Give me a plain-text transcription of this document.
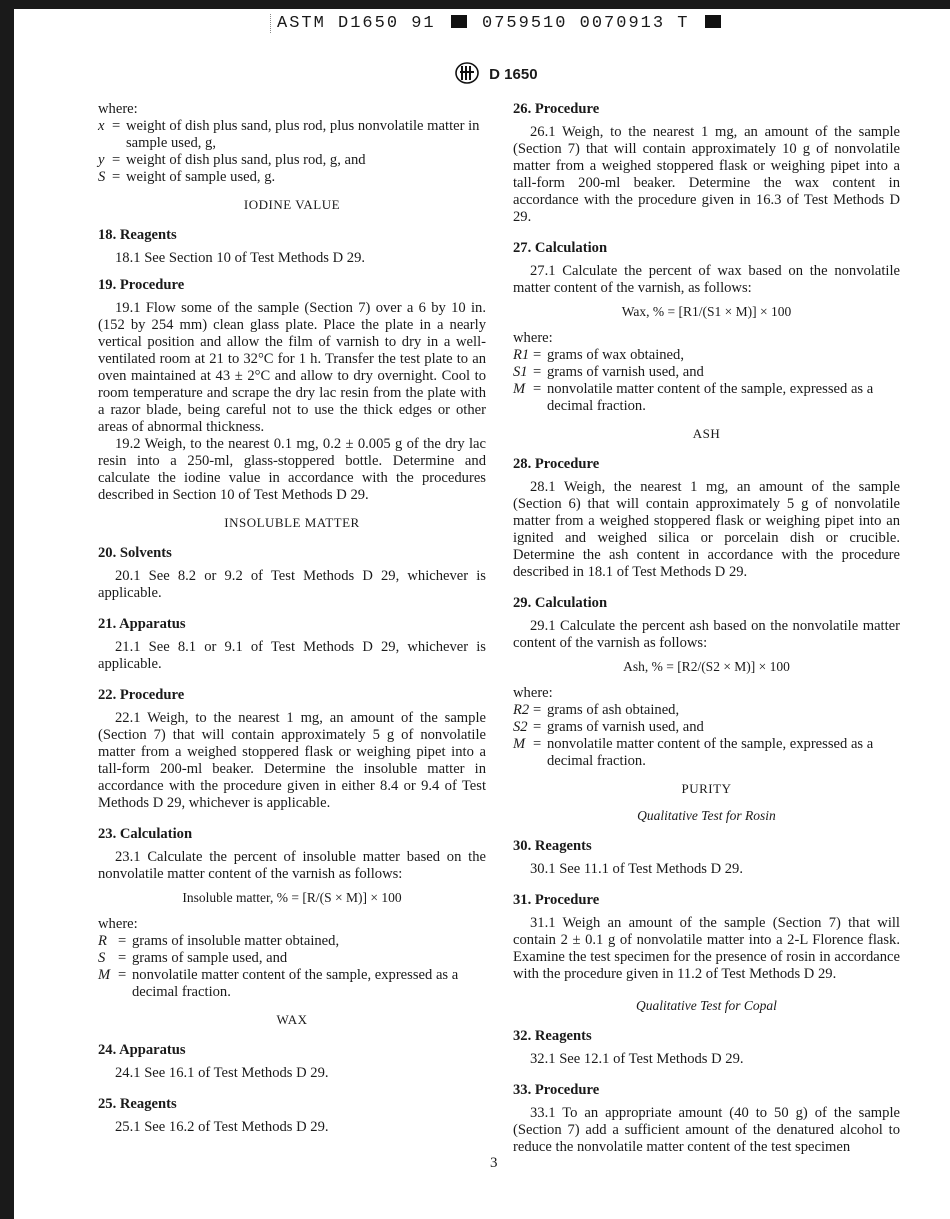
ASTM D1650 91	0759510 0070913 T
D 1650

where:

x = weight of dish plus sand, plus rod, plus nonvolatile matter in sample used, g,
y = weight of dish plus sand, plus rod, g, and
S = weight of sample used, g.

IODINE VALUE

18. Reagents

18.1 See Section 10 of Test Methods D 29.

19. Procedure

19.1 Flow some of the sample (Section 7) over a 6 by 10 in. (152 by 254 mm) clean glass plate. Place the plate in a nearly vertical position and allow the film of varnish to dry in a well-ventilated room at 21 to 32°C for 1 h. Transfer the test plate to an oven maintained at 43 ± 2°C and allow to dry overnight. Cool to room temperature and scrape the dry lac resin from the plate with a razor blade, being careful not to use the thick edges or other areas of abnormal thickness.

19.2 Weigh, to the nearest 0.1 mg, 0.2 ± 0.005 g of the dry lac resin into a 250-ml, glass-stoppered bottle. Determine and calculate the iodine value in accordance with the procedures described in Section 10 of Test Methods D 29.

INSOLUBLE MATTER

20. Solvents

20.1 See 8.2 or 9.2 of Test Methods D 29, whichever is applicable.

21. Apparatus

21.1 See 8.1 or 9.1 of Test Methods D 29, whichever is applicable.

22. Procedure

22.1 Weigh, to the nearest 1 mg, an amount of the sample (Section 7) that will contain approximately 5 g of nonvolatile matter from a weighed stoppered flask or weighing pipet into a tall-form 200-ml beaker. Determine the insoluble matter in accordance with the procedure given in either 8.4 or 9.4 of Test Methods D 29, whichever is applicable.

23. Calculation

23.1 Calculate the percent of insoluble matter based on the nonvolatile matter content of the varnish as follows:

Insoluble matter, % = [R/(S × M)] × 100

where:

R = grams of insoluble matter obtained,
S = grams of sample used, and
M = nonvolatile matter content of the sample, expressed as a decimal fraction.

WAX

24. Apparatus

24.1 See 16.1 of Test Methods D 29.

25. Reagents

25.1 See 16.2 of Test Methods D 29.

26. Procedure

26.1 Weigh, to the nearest 1 mg, an amount of the sample (Section 7) that will contain approximately 10 g of nonvolatile matter from a weighed stoppered flask or weighing pipet into a tall-form 200-ml beaker. Determine the wax content in accordance with the procedure given in 16.3 of Test Methods D 29.

27. Calculation

27.1 Calculate the percent of wax based on the nonvolatile matter content of the varnish, as follows:

Wax, % = [R1/(S1 × M)] × 100

where:

R1 = grams of wax obtained,
S1 = grams of varnish used, and
M = nonvolatile matter content of the sample, expressed as a decimal fraction.

ASH

28. Procedure

28.1 Weigh, the nearest 1 mg, an amount of the sample (Section 6) that will contain approximately 5 g of nonvolatile matter from a weighed stoppered flask or weighing pipet into an ignited and weighed silica or porcelain dish or crucible. Determine the ash content in accordance with the procedure described in 18.1 of Test Methods D 29.

29. Calculation

29.1 Calculate the percent ash based on the nonvolatile matter content of the varnish as follows:

Ash, % = [R2/(S2 × M)] × 100

where:

R2 = grams of ash obtained,
S2 = grams of varnish used, and
M = nonvolatile matter content of the sample, expressed as a decimal fraction.

PURITY

Qualitative Test for Rosin

30. Reagents

30.1 See 11.1 of Test Methods D 29.

31. Procedure

31.1 Weigh an amount of the sample (Section 7) that will contain 2 ± 0.1 g of nonvolatile matter into a 2-L Florence flask. Examine the test specimen for the presence of rosin in accordance with the procedure given in 11.2 of Test Methods D 29.

Qualitative Test for Copal

32. Reagents

32.1 See 12.1 of Test Methods D 29.

33. Procedure

33.1 To an appropriate amount (40 to 50 g) of the sample (Section 7) add a sufficient amount of the denatured alcohol to reduce the nonvolatile matter content of the test specimen

3
